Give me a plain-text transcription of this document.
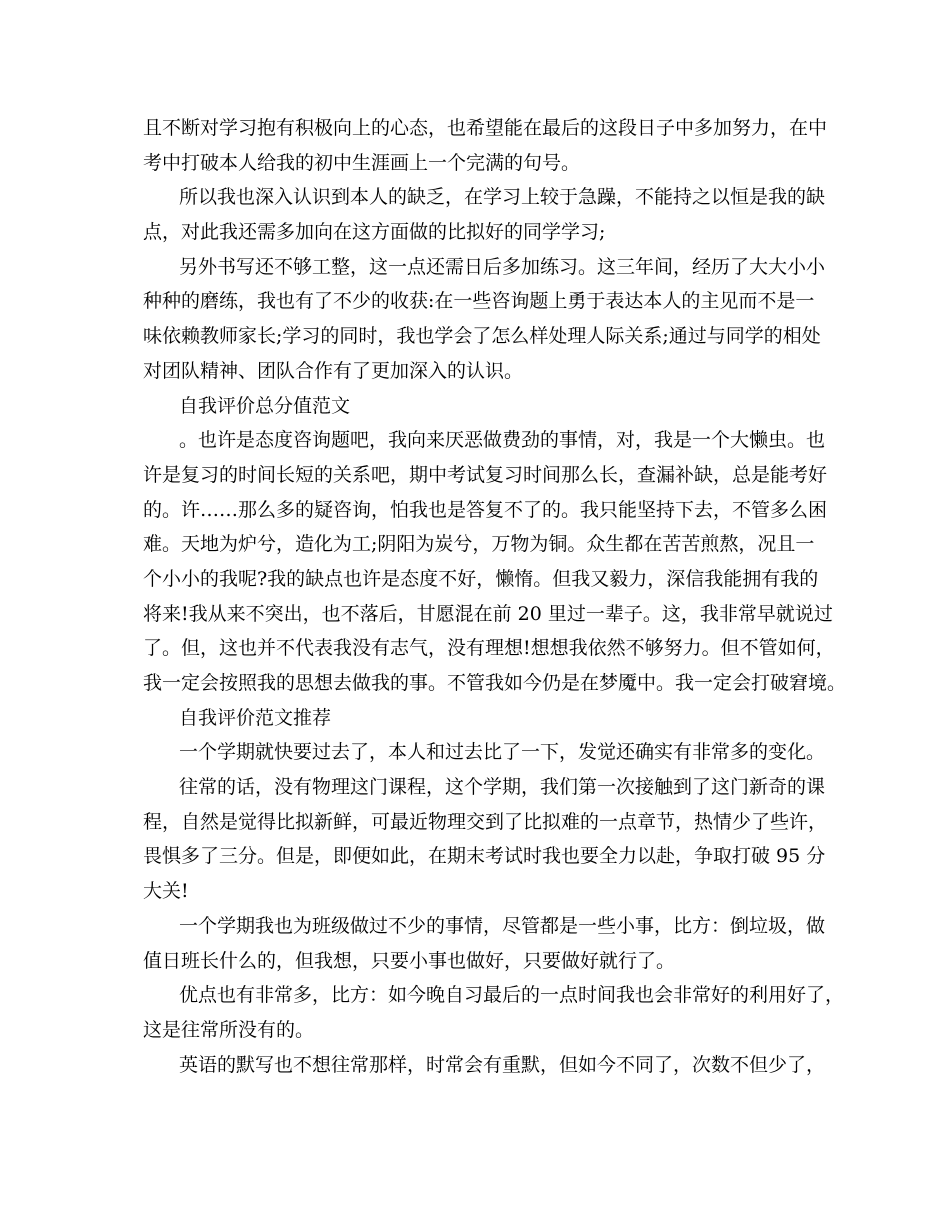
且不断对学习抱有积极向上的心态，也希望能在最后的这段日子中多加努力，在中
考中打破本人给我的初中生涯画上一个完满的句号。
所以我也深入认识到本人的缺乏，在学习上较于急躁，不能持之以恒是我的缺
点，对此我还需多加向在这方面做的比拟好的同学学习;
另外书写还不够工整，这一点还需日后多加练习。这三年间，经历了大大小小
种种的磨练，我也有了不少的收获:在一些咨询题上勇于表达本人的主见而不是一
味依赖教师家长;学习的同时，我也学会了怎么样处理人际关系;通过与同学的相处
对团队精神、团队合作有了更加深入的认识。
自我评价总分值范文
。也许是态度咨询题吧，我向来厌恶做费劲的事情，对，我是一个大懒虫。也
许是复习的时间长短的关系吧，期中考试复习时间那么长，查漏补缺，总是能考好
的。许……那么多的疑咨询，怕我也是答复不了的。我只能坚持下去，不管多么困
难。天地为炉兮，造化为工;阴阳为炭兮，万物为铜。众生都在苦苦煎熬，况且一
个小小的我呢?我的缺点也许是态度不好，懒惰。但我又毅力，深信我能拥有我的
将来!我从来不突出，也不落后，甘愿混在前 20 里过一辈子。这，我非常早就说过
了。但，这也并不代表我没有志气，没有理想!想想我依然不够努力。但不管如何，
我一定会按照我的思想去做我的事。不管我如今仍是在梦魇中。我一定会打破窘境。
自我评价范文推荐
一个学期就快要过去了，本人和过去比了一下，发觉还确实有非常多的变化。
往常的话，没有物理这门课程，这个学期，我们第一次接触到了这门新奇的课
程，自然是觉得比拟新鲜，可最近物理交到了比拟难的一点章节，热情少了些许，
畏惧多了三分。但是，即便如此，在期末考试时我也要全力以赴，争取打破 95 分
大关!
一个学期我也为班级做过不少的事情，尽管都是一些小事，比方：倒垃圾，做
值日班长什么的，但我想，只要小事也做好，只要做好就行了。
优点也有非常多，比方：如今晚自习最后的一点时间我也会非常好的利用好了，
这是往常所没有的。
英语的默写也不想往常那样，时常会有重默，但如今不同了，次数不但少了，
